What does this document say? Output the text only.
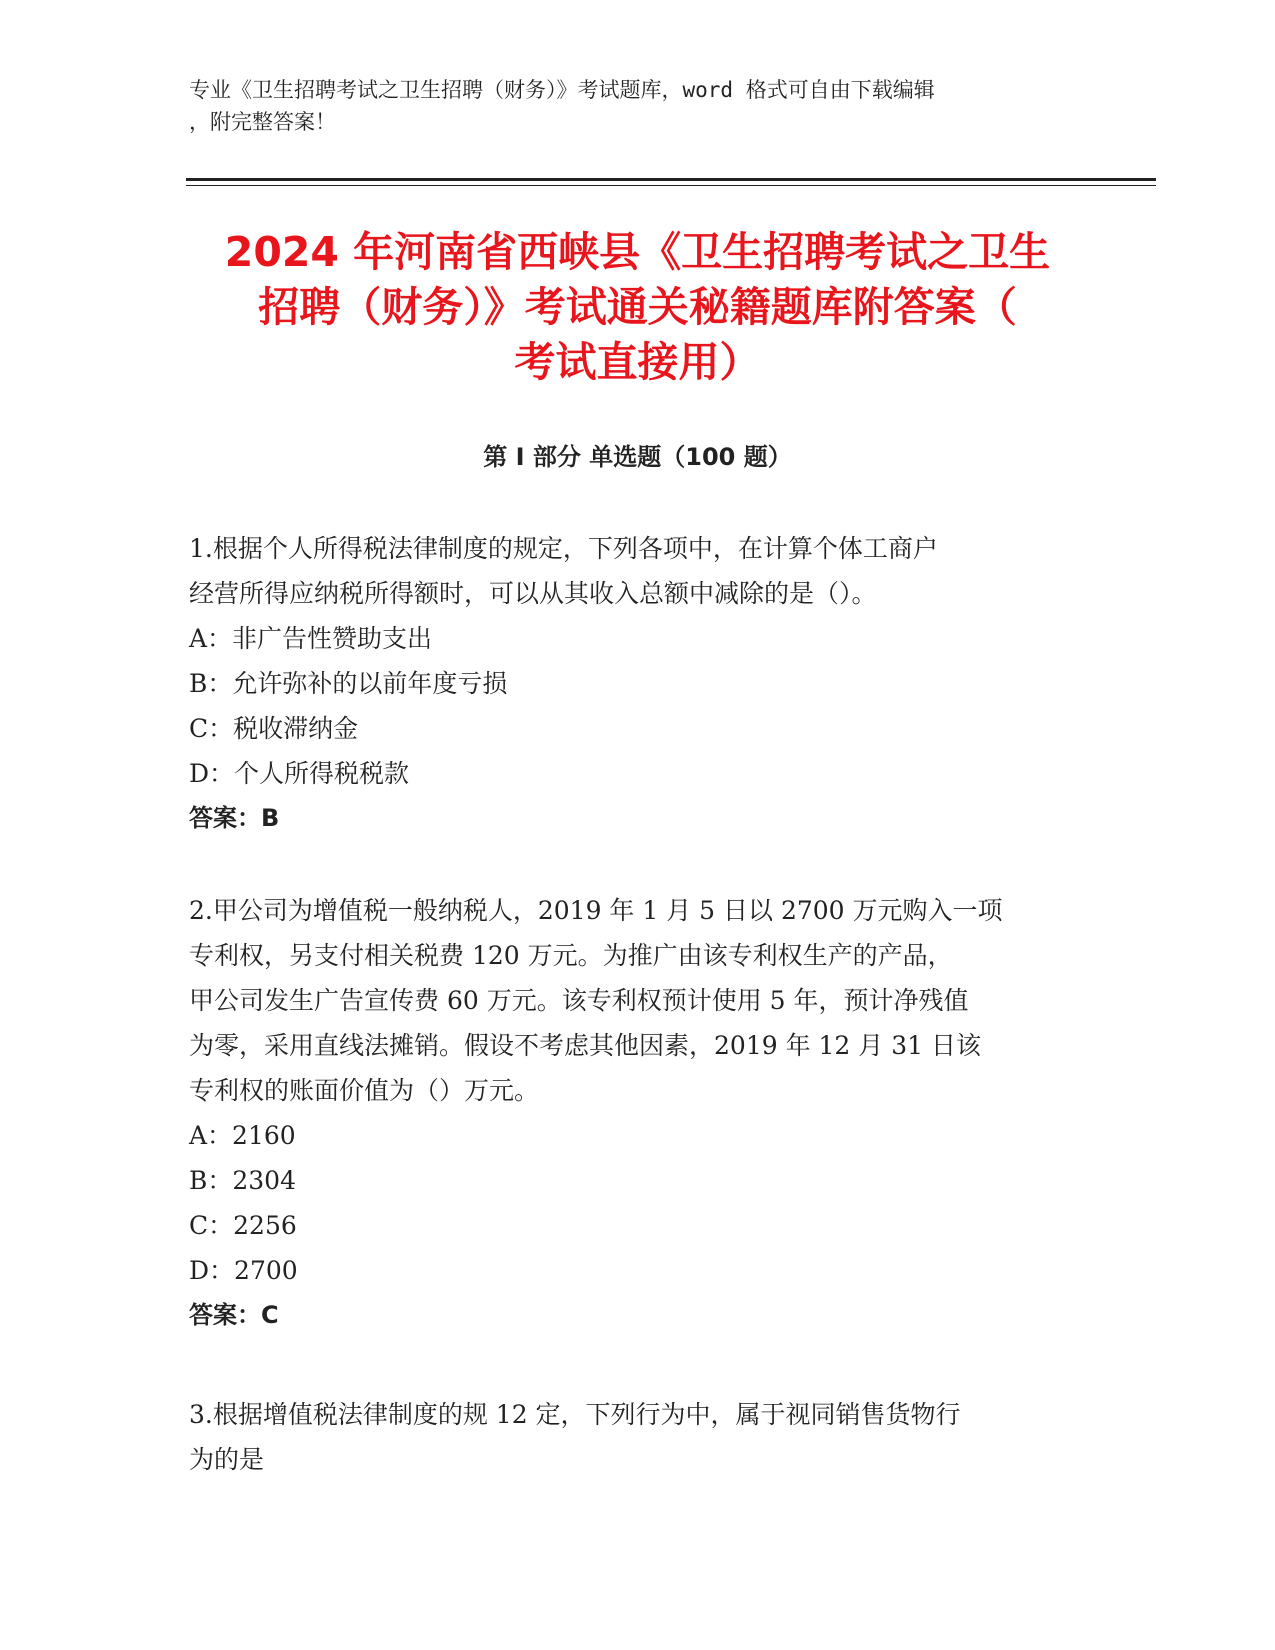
专业《卫生招聘考试之卫生招聘（财务）》考试题库，word 格式可自由下载编辑
，附完整答案！
2024 年河南省西峡县《卫生招聘考试之卫生
招聘（财务）》考试通关秘籍题库附答案（
考试直接用）
第 I 部分 单选题（100 题）
1.根据个人所得税法律制度的规定，下列各项中，在计算个体工商户
经营所得应纳税所得额时，可以从其收入总额中减除的是（）。
A：非广告性赞助支出
B：允许弥补的以前年度亏损
C：税收滞纳金
D：个人所得税税款
答案：B
2.甲公司为增值税一般纳税人，2019 年 1 月 5 日以 2700 万元购入一项
专利权，另支付相关税费 120 万元。为推广由该专利权生产的产品，
甲公司发生广告宣传费 60 万元。该专利权预计使用 5 年，预计净残值
为零，采用直线法摊销。假设不考虑其他因素，2019 年 12 月 31 日该
专利权的账面价值为（）万元。
A：2160
B：2304
C：2256
D：2700
答案：C
3.根据增值税法律制度的规 12 定，下列行为中，属于视同销售货物行
为的是
